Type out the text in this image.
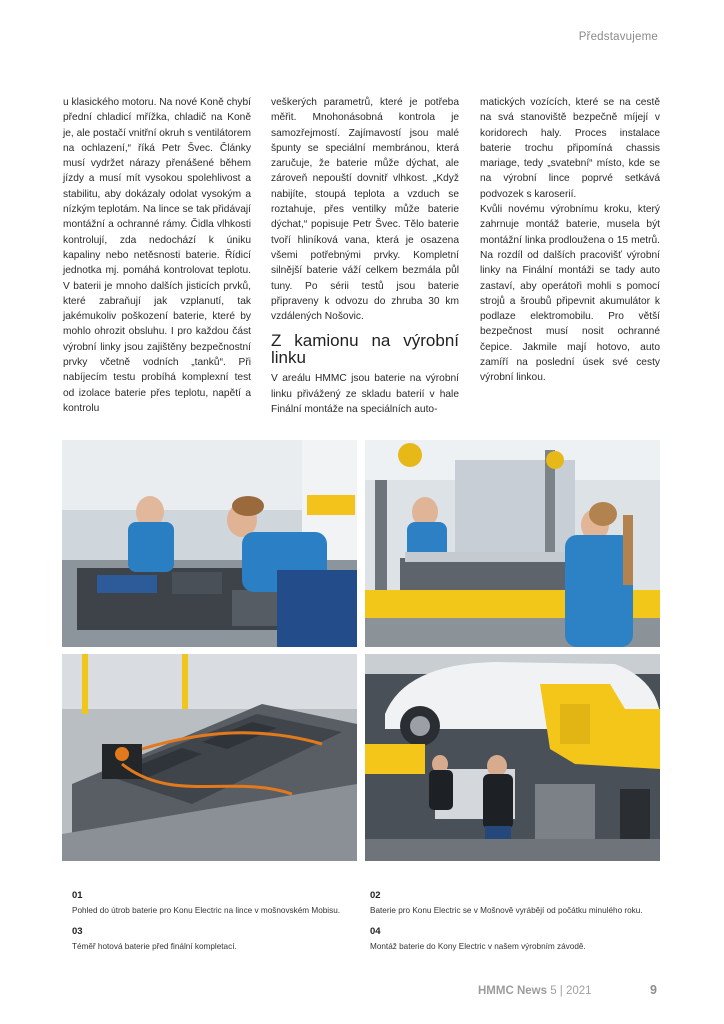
Představujeme

u klasického motoru. Na nové Koně chybí přední chladicí mřížka, chladič na Koně je, ale postačí vnitřní okruh s ventilátorem na ochlazení,“ říká Petr Švec. Články musí vydržet nárazy přenášené během jízdy a musí mít vysokou spolehlivost a stabilitu, aby dokázaly odolat vysokým a nízkým teplotám. Na lince se tak přidávají montážní a ochranné rámy. Čidla vlhkosti kontrolují, zda nedochází k úniku kapaliny nebo netěsnosti baterie. Řídicí jednotka mj. pomáhá kontrolovat teplotu. V baterii je mnoho dalších jisticích prvků, které zabraňují jak vzplanutí, tak jakémukoliv poškození baterie, které by mohlo ohrozit obsluhu. I pro každou část výrobní linky jsou zajištěny bezpečnostní prvky včetně vodních „tanků“. Při nabíjecím testu probíhá komplexní test od izolace baterie přes teplotu, napětí a kontrolu

veškerých parametrů, které je potřeba měřit. Mnohonásobná kontrola je samozřejmostí. Zajímavostí jsou malé špunty se speciální membránou, která zaručuje, že baterie může dýchat, ale zároveň nepouští dovnitř vlhkost. „Když nabijíte, stoupá teplota a vzduch se roztahuje, přes ventilky může baterie dýchat,“ popisuje Petr Švec. Tělo baterie tvoří hliníková vana, která je osazena všemi potřebnými prvky. Kompletní silnější baterie váží celkem bezmála půl tuny. Po sérii testů jsou baterie připraveny k odvozu do zhruba 30 km vzdálených Nošovic.

Z kamionu na výrobní linku

V areálu HMMC jsou baterie na výrobní linku přivážený ze skladu baterií v hale Finální montáže na speciálních auto-

matických vozících, které se na cestě na svá stanoviště bezpečně míjejí v koridorech haly. Proces instalace baterie trochu připomíná chassis mariage, tedy „svatební“ místo, kde se na výrobní lince poprvé setkává podvozek s karoserií.

Kvůli novému výrobnímu kroku, který zahrnuje montáž baterie, musela být montážní linka prodloužena o 15 metrů. Na rozdíl od dalších pracovišť výrobní linky na Finální montáži se tady auto zastaví, aby operátoři mohli s pomocí strojů a šroubů připevnit akumulátor k podlaze elektromobilu. Pro větší bezpečnost musí nosit ochranné čepice. Jakmile mají hotovo, auto zamíří na poslední úsek své cesty výrobní linkou.

01
Pohled do útrob baterie pro Konu Electric na lince v mošnovském Mobisu.
02
Baterie pro Konu Electric se v Mošnově vyrábějí od počátku minulého roku.
03
Téměř hotová baterie před finální kompletací.
04
Montáž baterie do Kony Electric v našem výrobním závodě.
HMMC News 5 | 2021	9
